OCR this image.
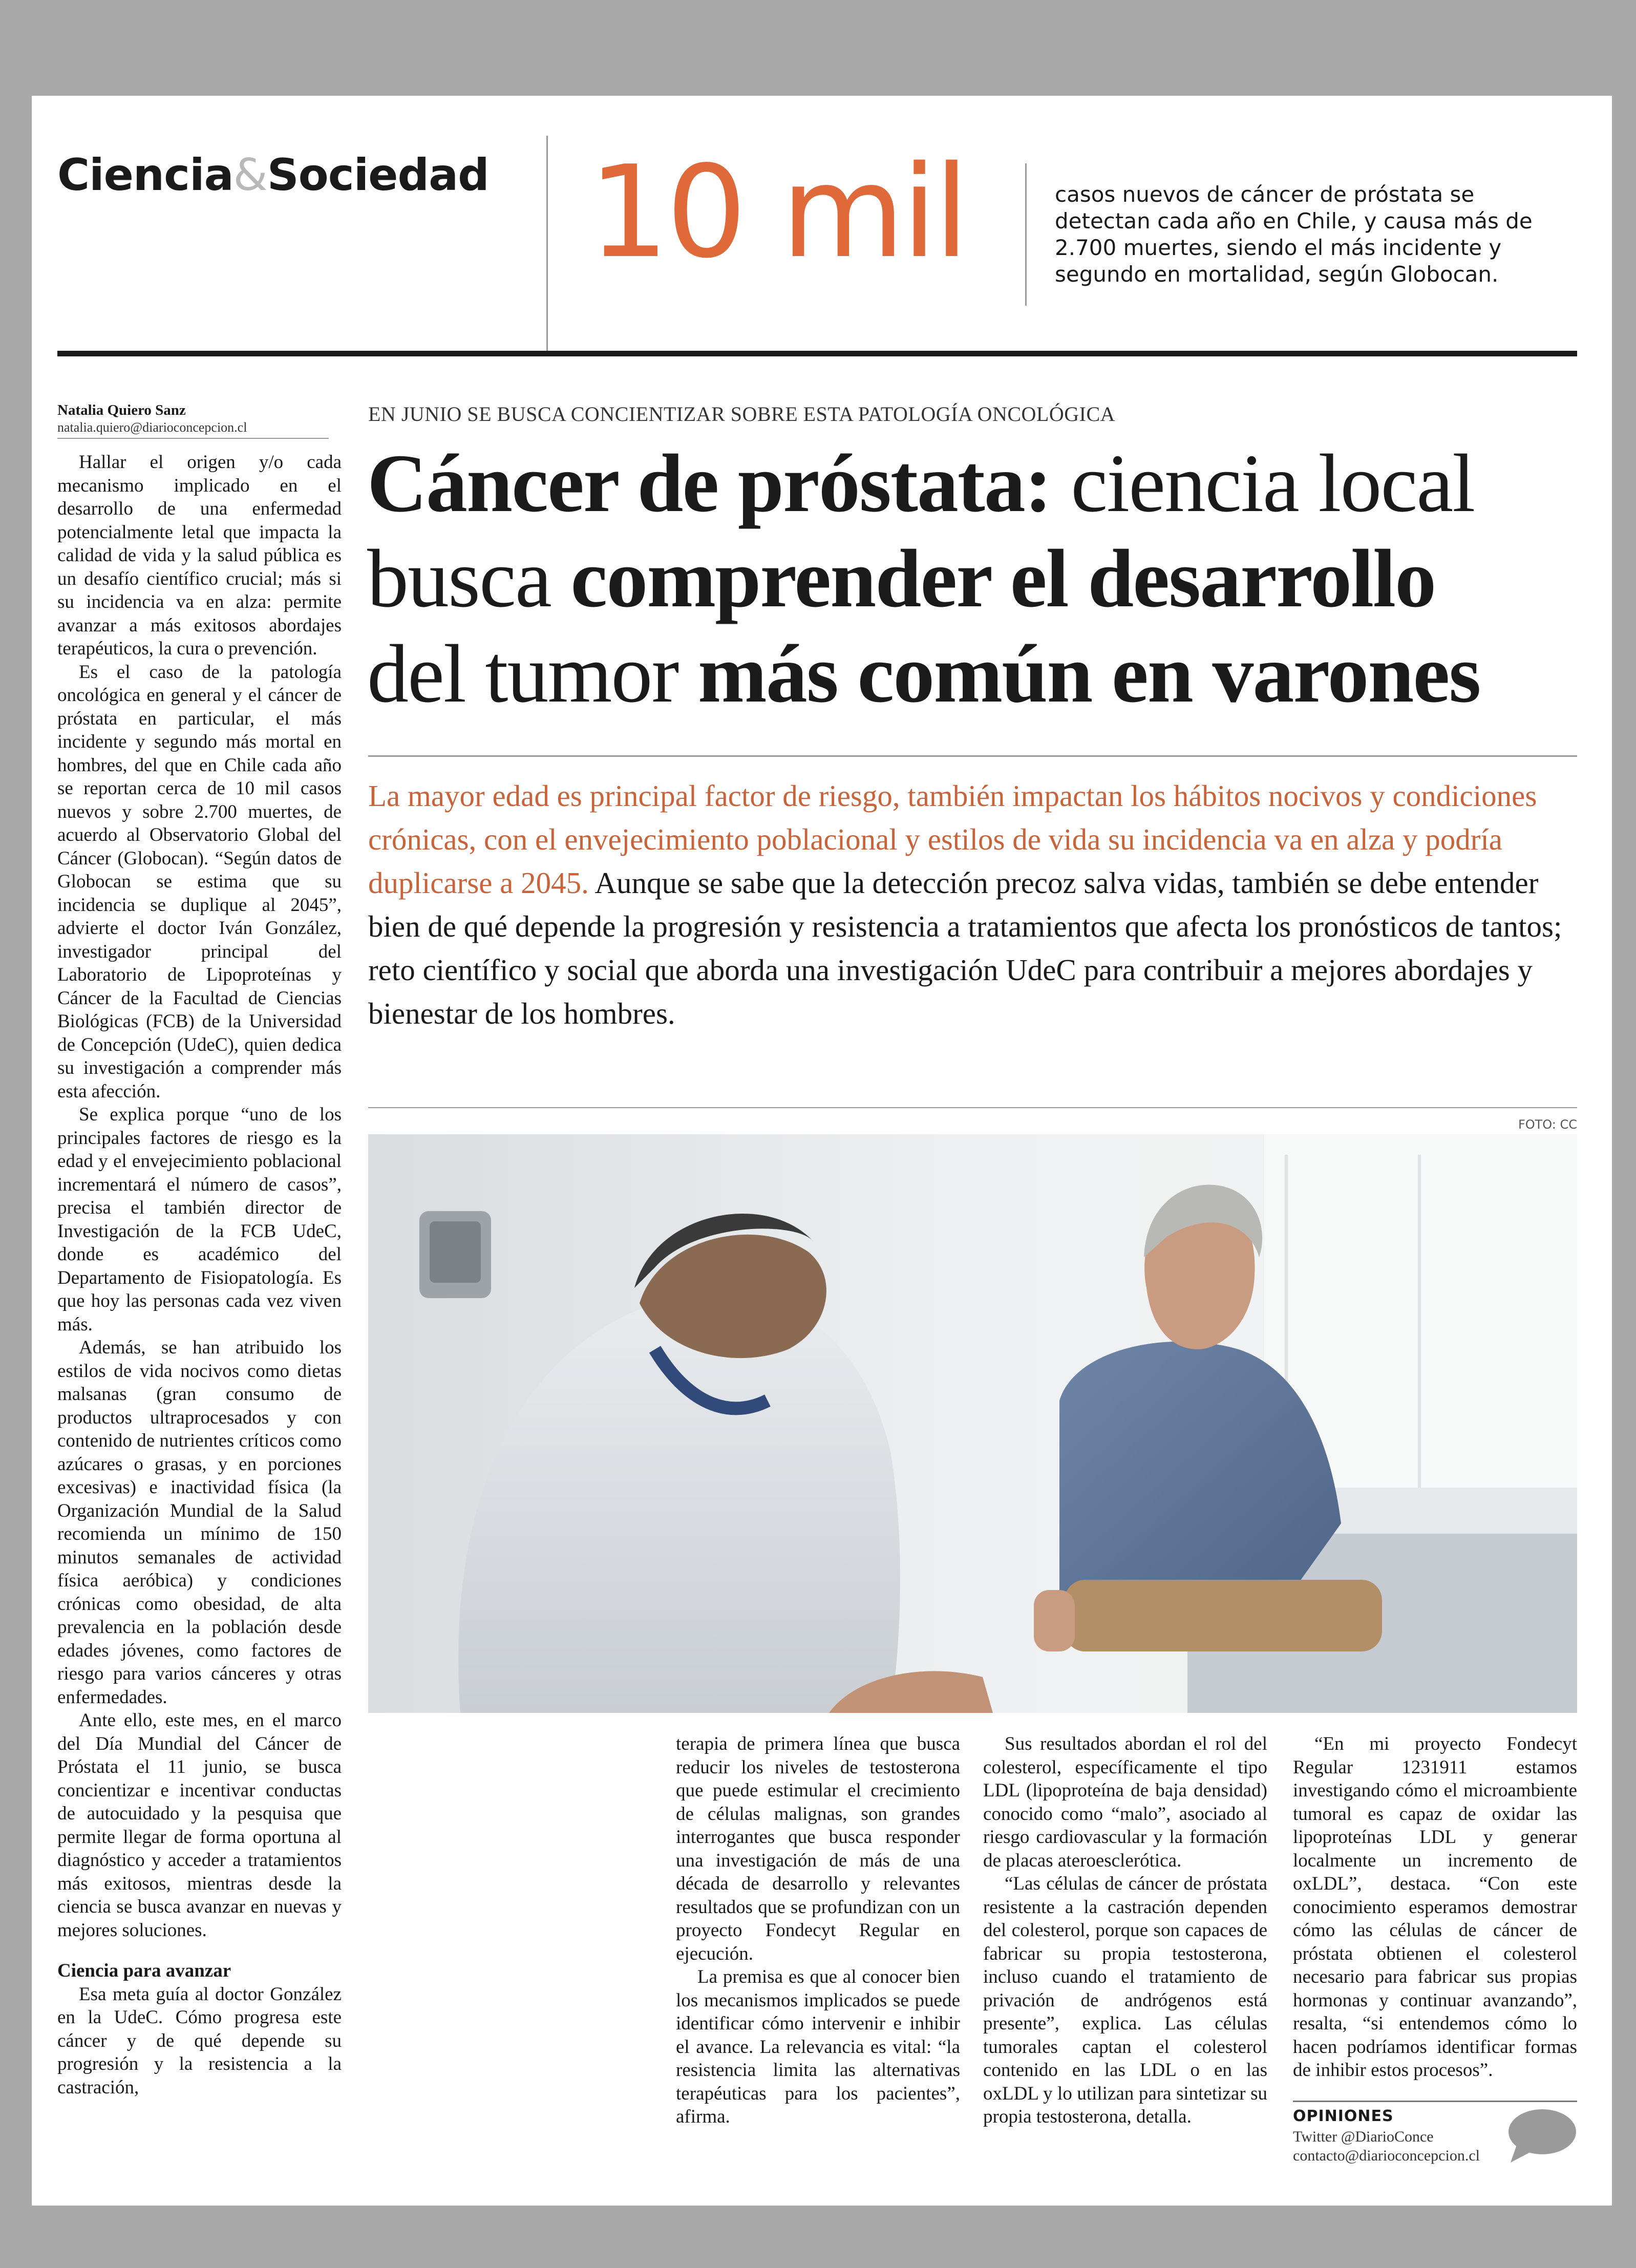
Ciencia&Sociedad 10 mil	casos nuevos de cáncer de próstata se detectan cada año en Chile, y causa más de 2.700 muertes, siendo el más incidente y segundo en mortalidad, según Globocan.
Natalia Quiero Sanz
natalia.quiero@diarioconcepcion.cl
EN JUNIO SE BUSCA CONCIENTIZAR SOBRE ESTA PATOLOGÍA ONCOLÓGICA
Cáncer de próstata: ciencia local
busca comprender el desarrollo
del tumor más común en varones
La mayor edad es principal factor de riesgo, también impactan los hábitos nocivos y condiciones crónicas, con el envejecimiento poblacional y estilos de vida su incidencia va en alza y podría duplicarse a 2045. Aunque se sabe que la detección precoz salva vidas, también se debe entender bien de qué depende la progresión y resistencia a tratamientos que afecta los pronósticos de tantos; reto científico y social que aborda una investigación UdeC para contribuir a mejores abordajes y bienestar de los hombres.
FOTO: CC

Hallar el origen y/o cada mecanismo implicado en el desarrollo de una enfermedad potencialmente letal que impacta la calidad de vida y la salud pública es un desafío científico crucial; más si su incidencia va en alza: permite avanzar a más exitosos abordajes terapéuticos, la cura o prevención.

Es el caso de la patología oncológica en general y el cáncer de próstata en particular, el más incidente y segundo más mortal en hombres, del que en Chile cada año se reportan cerca de 10 mil casos nuevos y sobre 2.700 muertes, de acuerdo al Observatorio Global del Cáncer (Globocan). “Según datos de Globocan se estima que su incidencia se duplique al 2045”, advierte el doctor Iván González, investigador principal del Laboratorio de Lipoproteínas y Cáncer de la Facultad de Ciencias Biológicas (FCB) de la Universidad de Concepción (UdeC), quien dedica su investigación a comprender más esta afección.

Se explica porque “uno de los principales factores de riesgo es la edad y el envejecimiento poblacional incrementará el número de casos”, precisa el también director de Investigación de la FCB UdeC, donde es académico del Departamento de Fisiopatología. Es que hoy las personas cada vez viven más.

Además, se han atribuido los estilos de vida nocivos como dietas malsanas (gran consumo de productos ultraprocesados y con contenido de nutrientes críticos como azúcares o grasas, y en porciones excesivas) e inactividad física (la Organización Mundial de la Salud recomienda un mínimo de 150 minutos semanales de actividad física aeróbica) y condiciones crónicas como obesidad, de alta prevalencia en la población desde edades jóvenes, como factores de riesgo para varios cánceres y otras enfermedades.

Ante ello, este mes, en el marco del Día Mundial del Cáncer de Próstata el 11 junio, se busca concientizar e incentivar conductas de autocuidado y la pesquisa que permite llegar de forma oportuna al diagnóstico y acceder a tratamientos más exitosos, mientras desde la ciencia se busca avanzar en nuevas y mejores soluciones.

Ciencia para avanzar

Esa meta guía al doctor González en la UdeC. Cómo progresa este cáncer y de qué depende su progresión y la resistencia a la castración,

terapia de primera línea que busca reducir los niveles de testosterona que puede estimular el crecimiento de células malignas, son grandes interrogantes que busca responder una investigación de más de una década de desarrollo y relevantes resultados que se profundizan con un proyecto Fondecyt Regular en ejecución.

La premisa es que al conocer bien los mecanismos implicados se puede identificar cómo intervenir e inhibir el avance. La relevancia es vital: “la resistencia limita las alternativas terapéuticas para los pacientes”, afirma.

Sus resultados abordan el rol del colesterol, específicamente el tipo LDL (lipoproteína de baja densidad) conocido como “malo”, asociado al riesgo cardiovascular y la formación de placas ateroesclerótica.

“Las células de cáncer de próstata resistente a la castración dependen del colesterol, porque son capaces de fabricar su propia testosterona, incluso cuando el tratamiento de privación de andrógenos está presente”, explica. Las células tumorales captan el colesterol contenido en las LDL o en las oxLDL y lo utilizan para sintetizar su propia testosterona, detalla.

“En mi proyecto Fondecyt Regular 1231911 estamos investigando cómo el microambiente tumoral es capaz de oxidar las lipoproteínas LDL y generar localmente un incremento de oxLDL”, destaca. “Con este conocimiento esperamos demostrar cómo las células de cáncer de próstata obtienen el colesterol necesario para fabricar sus propias hormonas y continuar avanzando”, resalta, “si entendemos cómo lo hacen podríamos identificar formas de inhibir estos procesos”.

OPINIONES
Twitter @DiarioConce
contacto@diarioconcepcion.cl
